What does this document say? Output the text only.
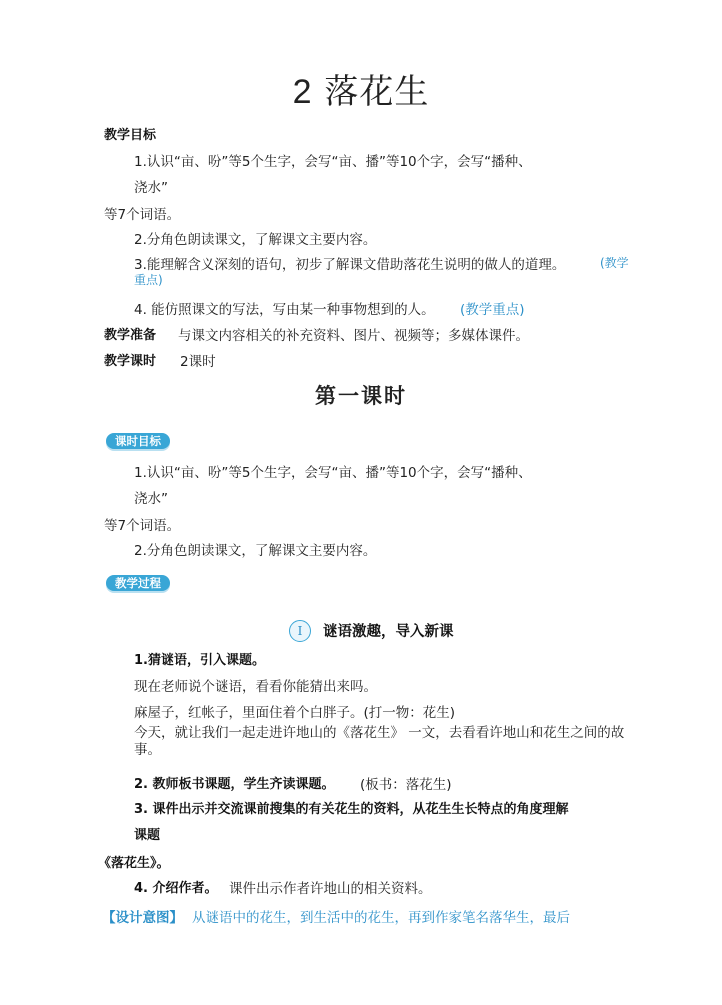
2 落花生
教学目标
1.认识“亩、吩”等5个生字，会写“亩、播”等10个字，会写“播种、
浇水”
等7个词语。
2.分角色朗读课文，了解课文主要内容。
3.能理解含义深刻的语句，初步了解课文借助落花生说明的做人的道理。	(教学
重点)
4. 能仿照课文的写法，写由某一种事物想到的人。 (教学重点)
教学准备 与课文内容相关的补充资料、图片、视频等；多媒体课件。
教学课时 2课时
第一课时
课时目标
1.认识“亩、吩”等5个生字，会写“亩、播”等10个字，会写“播种、
浇水”
等7个词语。
2.分角色朗读课文，了解课文主要内容。
教学过程
I	谜语激趣，导入新课
1.猜谜语，引入课题。
现在老师说个谜语，看看你能猜出来吗。
麻屋子，红帐子，里面住着个白胖子。(打一物：花生)
今天，就让我们一起走进许地山的《落花生》 一文，去看看许地山和花生之间的故事。
2. 教师板书课题，学生齐读课题。 (板书：落花生)
3. 课件出示并交流课前搜集的有关花生的资料，从花生生长特点的角度理解
课题
《落花生》。
4. 介绍作者。 课件出示作者许地山的相关资料。
【设计意图】 从谜语中的花生，到生活中的花生，再到作家笔名落华生，最后
